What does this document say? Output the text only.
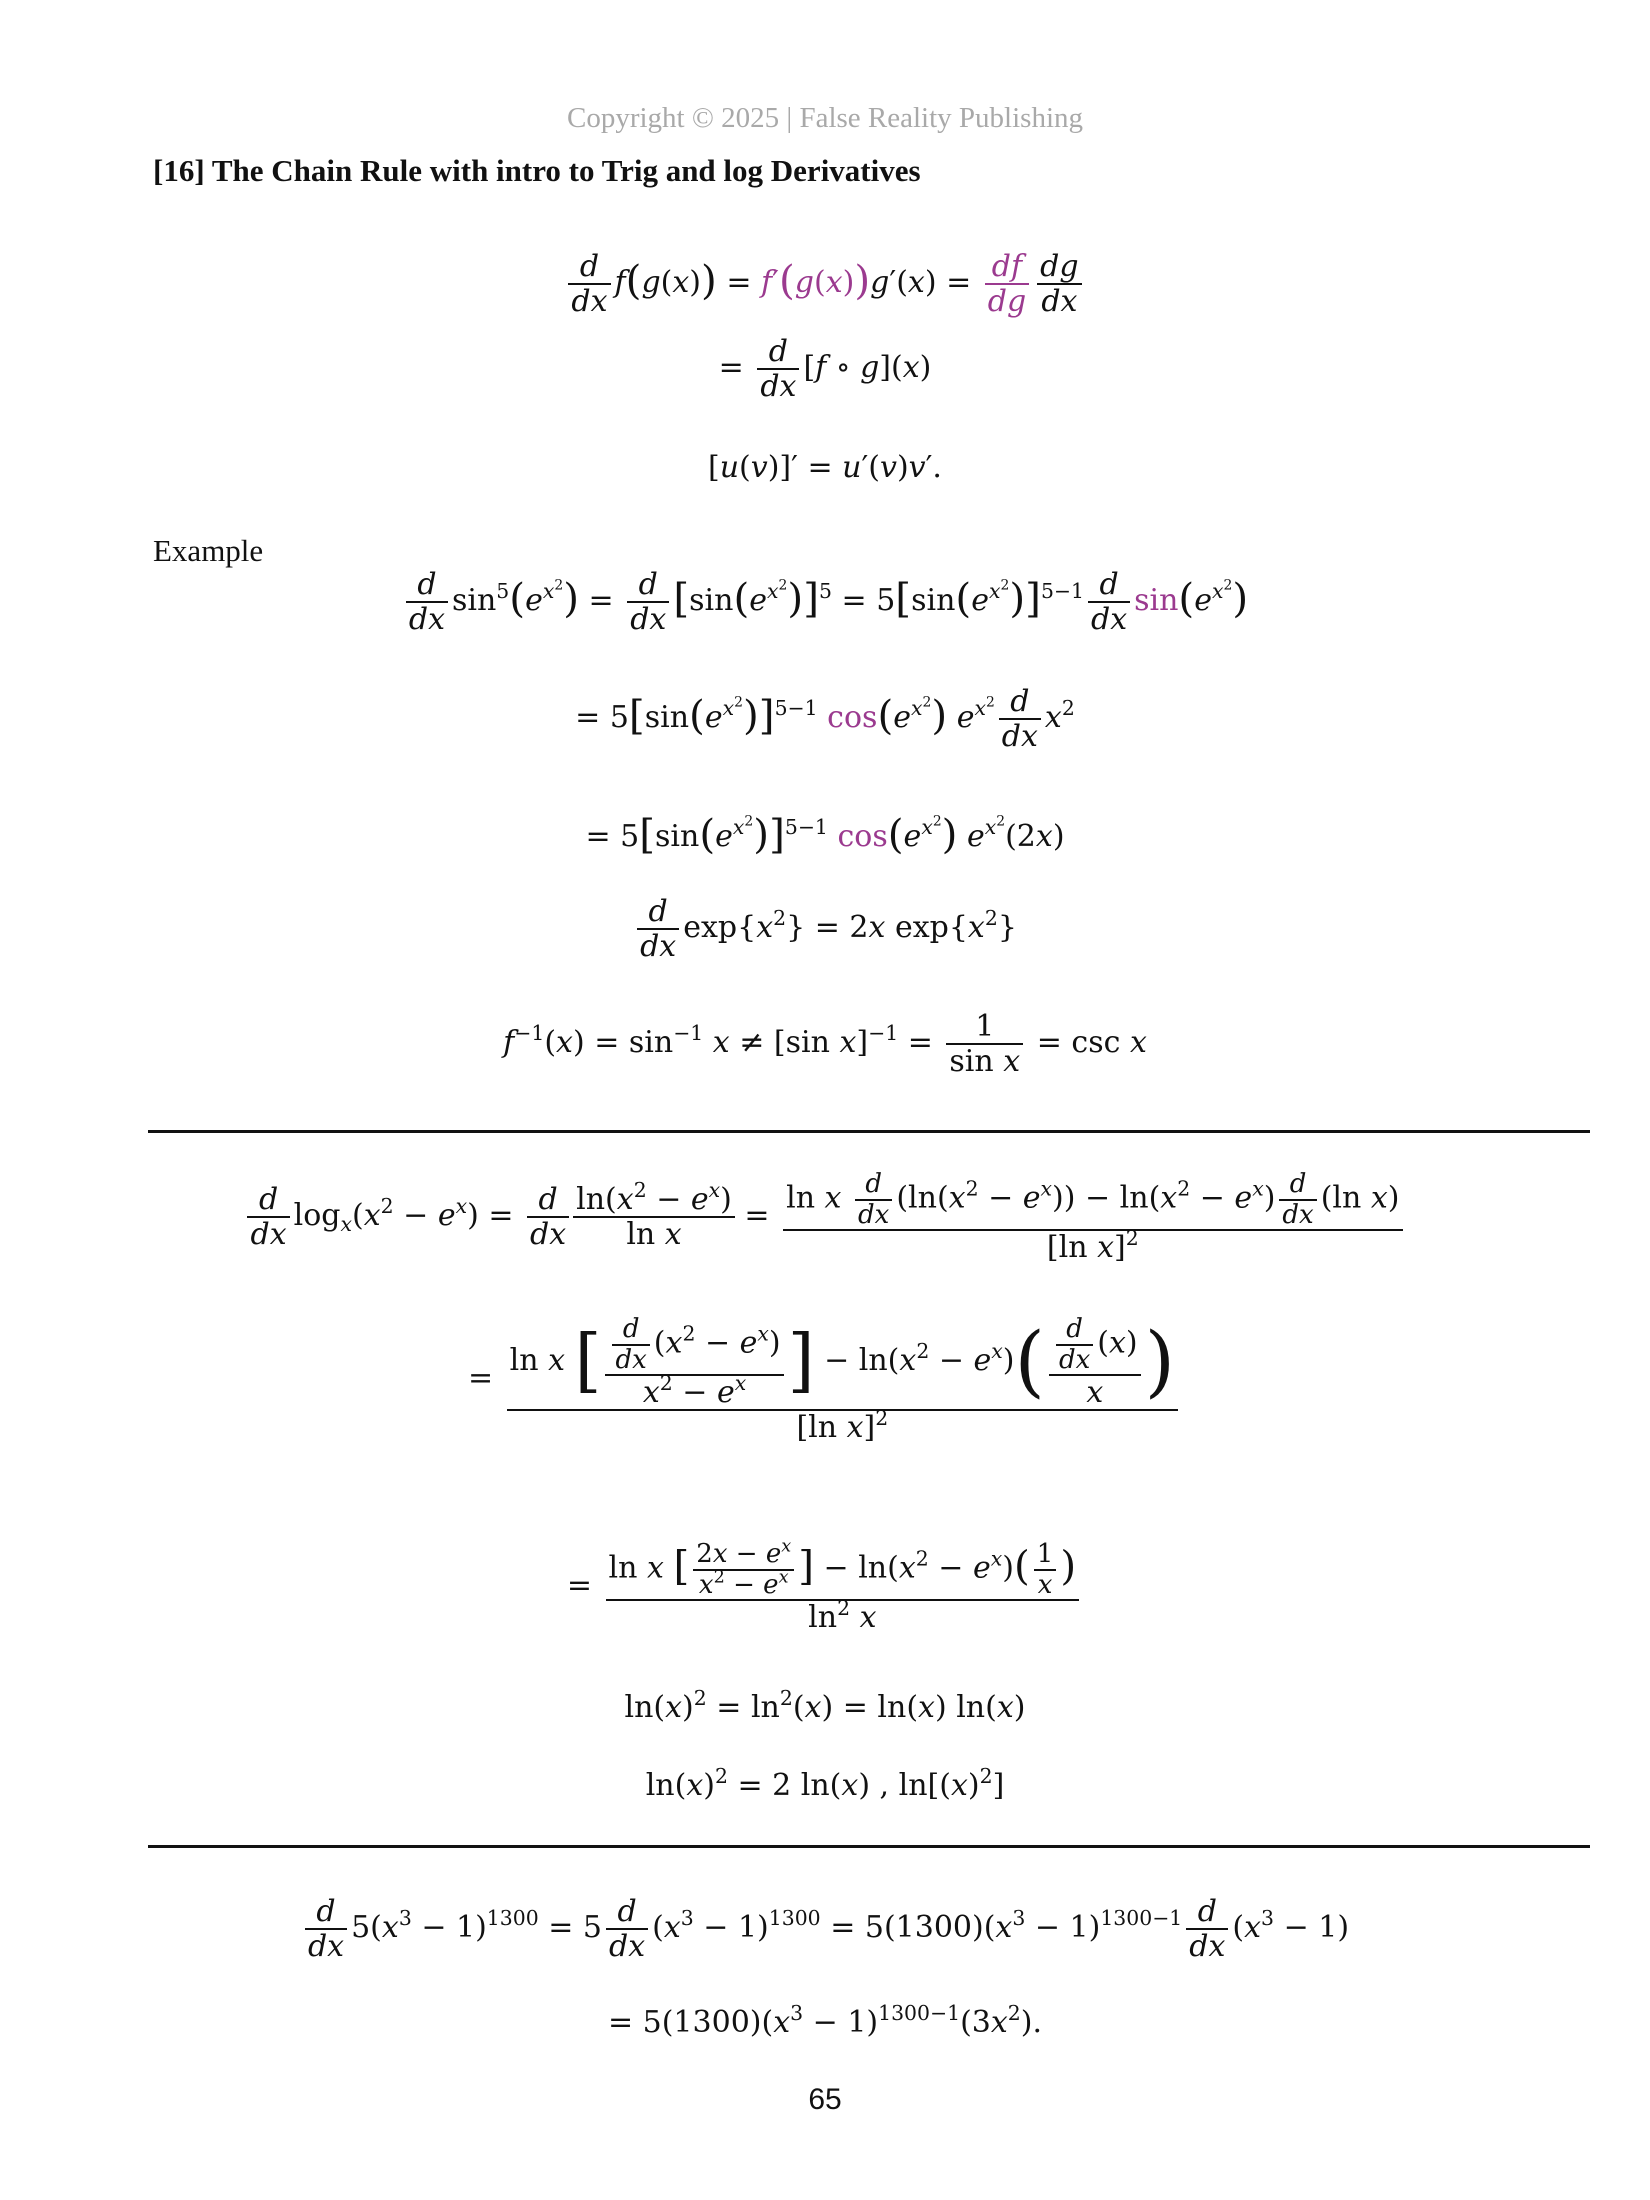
Copyright © 2025 | False Reality Publishing
[16] The Chain Rule with intro to Trig and log Derivatives
$\frac{d}{dx} f(g(x)) = f'(g(x))g'(x) = \frac{df}{dg} \frac{dg}{dx}$
= $\frac{d}{dx} [f$ ∘ g](x)
[u(v)]′ = u′(v)v′.
Example
$\frac{d}{dx} \sin^5(e^{x^2}) = \frac{d}{dx} [\sin(e^{x^2})]^5 = 5[\sin(e^{x^2})]^{5-1} \frac{d}{dx} \sin(e^{x^2})$
= $5[\sin(e^{x^2})]^{5-1}$ $\cos(e^{x^2})$ $e^{x^2} \frac{d}{dx} x^2$
= $5[\sin(e^{x^2})]^{5-1}$ $\cos(e^{x^2})$ $e^{x^2}(2x)$
$\frac{d}{dx} \exp\{x^2\} = 2x$ $\exp\{x^2\}$
$f^{-1}(x) = \sin^{-1} x \ne [\sin$ $x]^{-1} = \frac{1}{\text{sin x}} = \csc x$
$\frac{d}{dx} \log_x(x^2 - e^x) = \frac{d}{dx} \frac{\ln(x^2 - e^x)}{\text{ln x}} = \frac{\ln x \frac{d}{dx} (\ln(x^2 - e^x)) - \ln(x^2 - e^x) \frac{d}{dx} (\ln x)}{[\ln x]^2}$
= $\frac{\ln x [ \frac{\frac{d}{dx} (x^2 - e^x)}{x^2 - e^x} ] - \ln(x^2 - e^x)( \frac{\frac{d}{dx} (x)}{x} )}{[\ln x]^2}$
= $\frac{\ln x [ \frac{2x - e^x}{x^2 - e^x} ] - \ln(x^2 - e^x)( \frac{1}{x} )}{\ln^2 x}$
$\ln(x)^2 = \ln^2(x) = \ln(x)$ ln(x)
$\ln(x)^2 = 2$ ln(x) , $\ln[(x)^2]$
$\frac{d}{dx} 5(x^3 - 1)^{1300} = 5 \frac{d}{dx} (x^3 - 1)^{1300} = 5(1300)(x^3 - 1)^{1300-1} \frac{d}{dx} (x^3 - 1)$
= $5(1300)(x^3 - 1)^{1300-1}(3x^2)$.
65
